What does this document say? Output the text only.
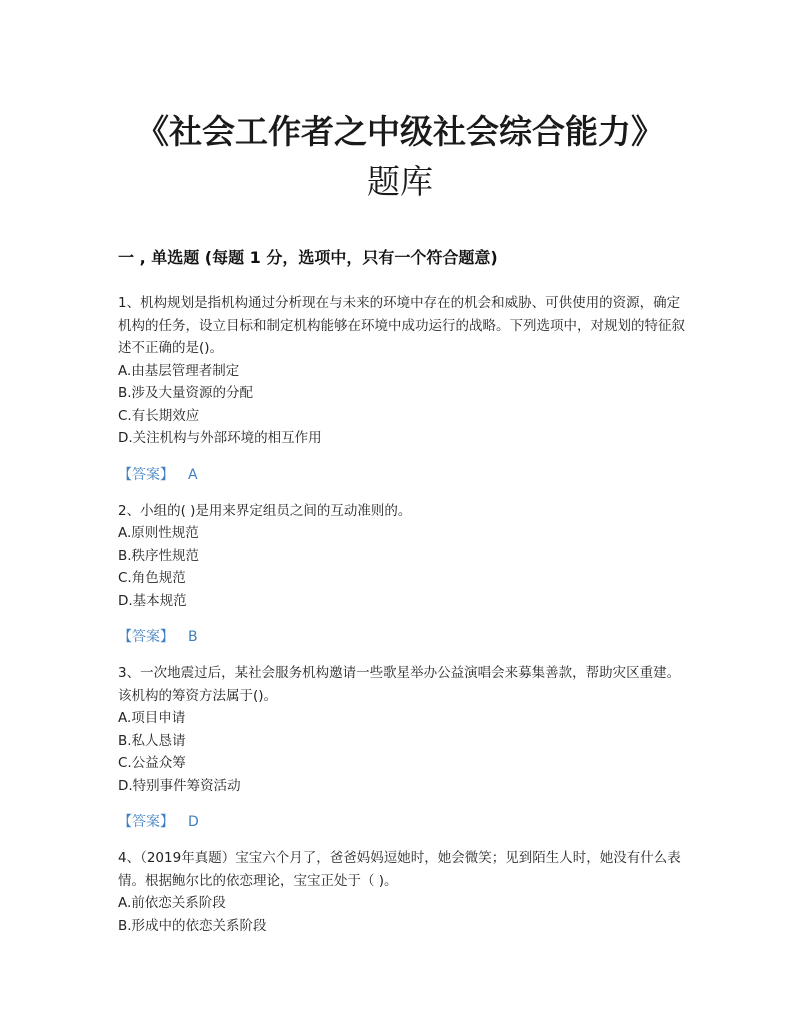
《社会工作者之中级社会综合能力》
题库
一 , 单选题 (每题 1 分，选项中，只有一个符合题意)

1、机构规划是指机构通过分析现在与未来的环境中存在的机会和威胁、可供使用的资源，确定机构的任务，设立目标和制定机构能够在环境中成功运行的战略。下列选项中，对规划的特征叙述不正确的是()。

A.由基层管理者制定

B.涉及大量资源的分配

C.有长期效应

D.关注机构与外部环境的相互作用

【答案】 A

2、小组的( )是用来界定组员之间的互动准则的。

A.原则性规范

B.秩序性规范

C.角色规范

D.基本规范

【答案】 B

3、一次地震过后，某社会服务机构邀请一些歌星举办公益演唱会来募集善款，帮助灾区重建。该机构的筹资方法属于()。

A.项目申请

B.私人恳请

C.公益众筹

D.特别事件筹资活动

【答案】 D

4、（2019年真题）宝宝六个月了，爸爸妈妈逗她时，她会微笑；见到陌生人时，她没有什么表情。根据鲍尔比的依恋理论，宝宝正处于（ )。

A.前依恋关系阶段

B.形成中的依恋关系阶段
